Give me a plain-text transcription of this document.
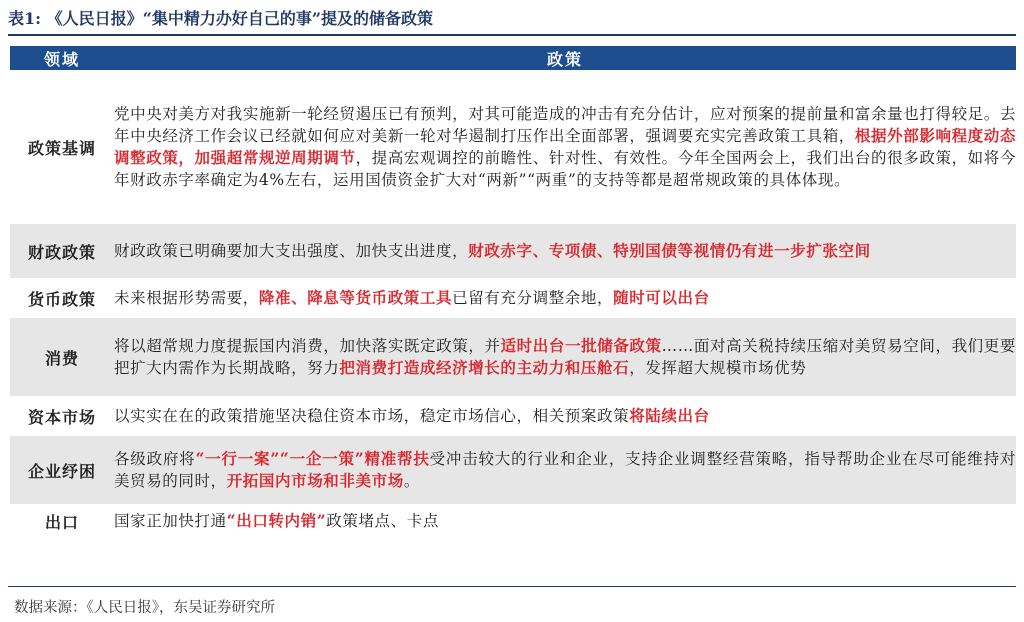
表1: 《人民日报》“集中精力办好自己的事”提及的储备政策
领域	政策
政策基调	党中央对美方对我实施新一轮经贸遏压已有预判，对其可能造成的冲击有充分估计，应对预案的提前量和富余量也打得较足。去年中央经济工作会议已经就如何应对美新一轮对华遏制打压作出全面部署，强调要充实完善政策工具箱，根据外部影响程度动态调整政策，加强超常规逆周期调节，提高宏观调控的前瞻性、针对性、有效性。今年全国两会上，我们出台的很多政策，如将今年财政赤字率确定为4%左右，运用国债资金扩大对“两新”“两重”的支持等都是超常规政策的具体体现。
财政政策	财政政策已明确要加大支出强度、加快支出进度，财政赤字、专项债、特别国债等视情仍有进一步扩张空间
货币政策	未来根据形势需要，降准、降息等货币政策工具已留有充分调整余地，随时可以出台
消费	将以超常规力度提振国内消费，加快落实既定政策，并适时出台一批储备政策……面对高关税持续压缩对美贸易空间，我们更要把扩大内需作为长期战略，努力把消费打造成经济增长的主动力和压舱石，发挥超大规模市场优势
资本市场	以实实在在的政策措施坚决稳住资本市场，稳定市场信心，相关预案政策将陆续出台
企业纾困	各级政府将“一行一案”“一企一策”精准帮扶受冲击较大的行业和企业，支持企业调整经营策略，指导帮助企业在尽可能维持对美贸易的同时，开拓国内市场和非美市场。
出口	国家正加快打通“出口转内销”政策堵点、卡点
数据来源：《人民日报》，东吴证券研究所
